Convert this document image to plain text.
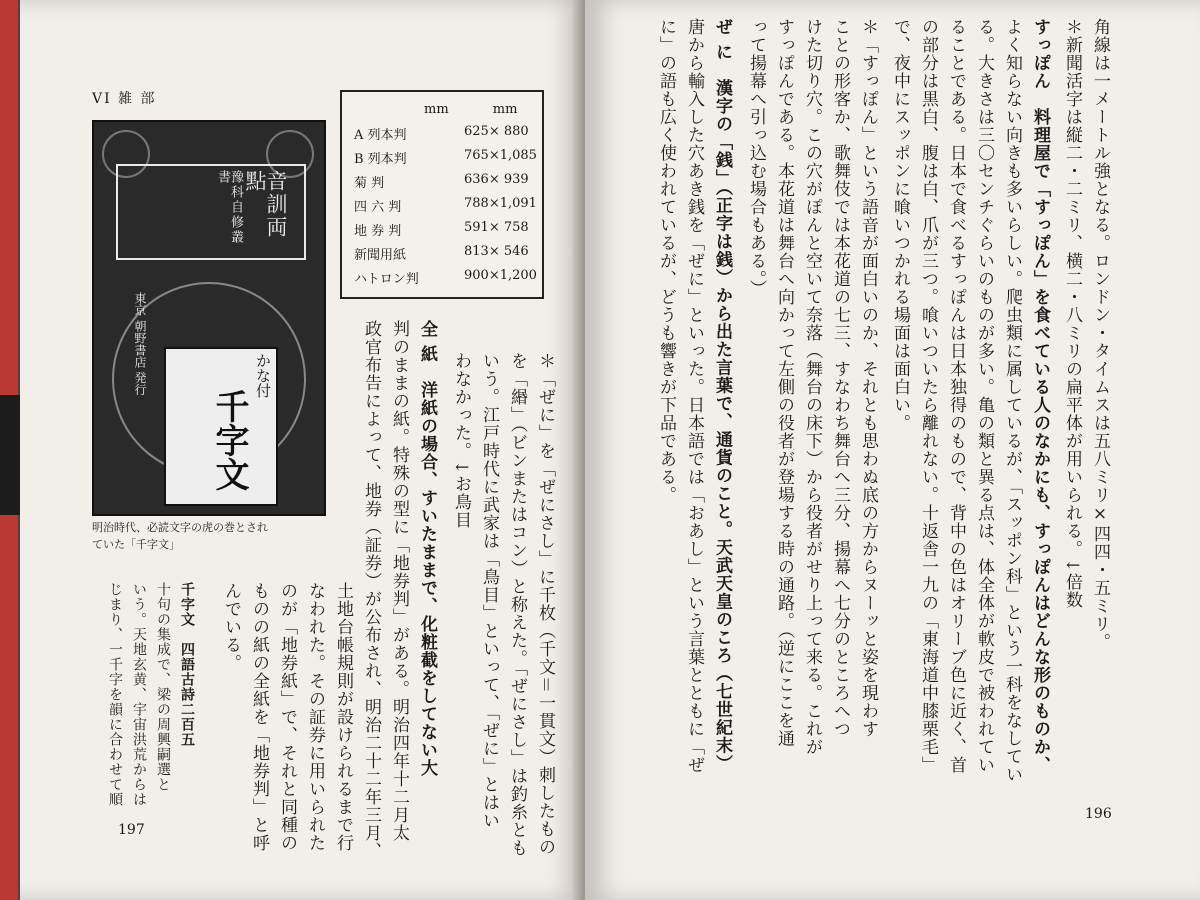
VI 雑 部
音訓両點
豫科自修叢書
かな付
千字文
東京 朝野書店 発行
明治時代、必読文字の虎の巻とされ
ていた「千字文」
mm	mm
A 列本判	625× 880
B 列本判	765×1,085
菊 判	636× 939
四 六 判	788×1,091
地 券 判	591× 758
新聞用紙	813× 546
ハトロン判	900×1,200
＊「ぜに」を「ぜにさし」に千枚（千文＝一貫文）刺したもの
を「緡」（ビンまたはコン）と称えた。「ぜにさし」は釣糸とも
いう。江戸時代に武家は「鳥目」といって、「ぜに」とはい
わなかった。↓お鳥目
全 紙　洋紙の場合、すいたままで、化粧截をしてない大
判のままの紙。特殊の型に「地券判」がある。明治四年十二月太
政官布告によって、地券（証券）が公布され、明治二十二年三月、
土地台帳規則が設けられるまで行
なわれた。その証券に用いられた
のが「地券紙」で、それと同種の
ものの紙の全紙を「地券判」と呼
んでいる。
千字文　四語古詩二百五
十句の集成で、梁の周興嗣選と
いう。天地玄黄、宇宙洪荒からは
じまり、一千字を韻に合わせて順
197
角線は一メートル強となる。ロンドン・タイムスは五八ミリ×四四・五ミリ。
＊新聞活字は縦二・二ミリ、横二・八ミリの扁平体が用いられる。↓倍数
すっぽん　料理屋で「すっぽん」を食べている人のなかにも、すっぽんはどんな形のものか、
よく知らない向きも多いらしい。爬虫類に属しているが、「スッポン科」という一科をなしてい
る。大きさは三〇センチぐらいのものが多い。亀の類と異る点は、体全体が軟皮で被われてい
ることである。日本で食べるすっぽんは日本独得のもので、背中の色はオリーブ色に近く、首
の部分は黒白、腹は白、爪が三つ。喰いついたら離れない。十返舎一九の「東海道中膝栗毛」
で、夜中にスッポンに喰いつかれる場面は面白い。
＊「すっぽん」という語音が面白いのか、それとも思わぬ底の方からヌーッと姿を現わす
ことの形客か、歌舞伎では本花道の七三、すなわち舞台へ三分、揚幕へ七分のところへつ
けた切り穴。この穴がぽんと空いて奈落（舞台の床下）から役者がせり上って来る。これが
すっぽんである。本花道は舞台へ向かって左側の役者が登場する時の通路。（逆にここを通
って揚幕へ引っ込む場合もある。）
ぜ に　漢字の「銭」（正字は銭）から出た言葉で、通貨のこと。天武天皇のころ（七世紀末）
唐から輸入した穴あき銭を「ぜに」といった。日本語では「おあし」という言葉とともに「ぜ
に」の語も広く使われているが、どうも響きが下品である。
196
